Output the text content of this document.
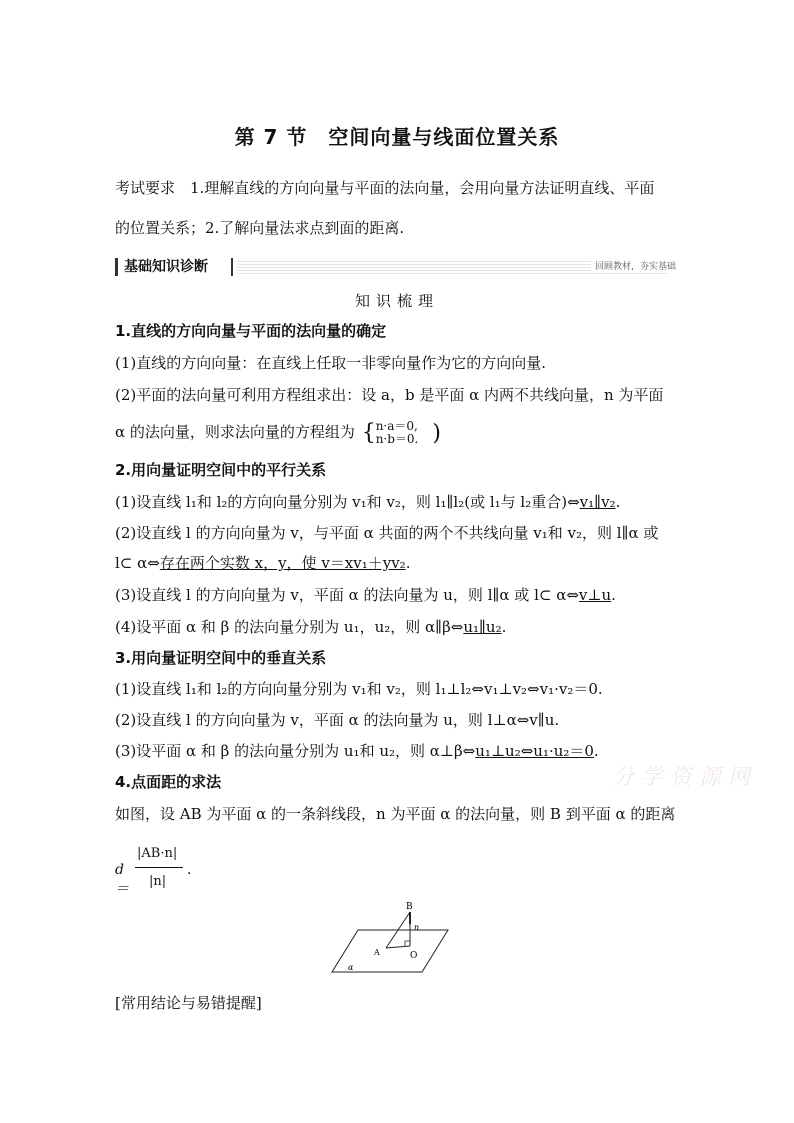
第 7 节　空间向量与线面位置关系
考试要求　1.理解直线的方向向量与平面的法向量，会用向量方法证明直线、平面
的位置关系；2.了解向量法求点到面的距离.
基础知识诊断	回顾教材，夯实基础
知识梳理
1.直线的方向向量与平面的法向量的确定
(1)直线的方向向量：在直线上任取一非零向量作为它的方向向量.
(2)平面的法向量可利用方程组求出：设 a，b 是平面 α 内两不共线向量，n 为平面
α 的法向量，则求法向量的方程组为 { n·a＝0,
n·b＝0. )
2.用向量证明空间中的平行关系
(1)设直线 l₁和 l₂的方向向量分别为 v₁和 v₂，则 l₁∥l₂(或 l₁与 l₂重合)⇔v₁∥v₂.
(2)设直线 l 的方向向量为 v，与平面 α 共面的两个不共线向量 v₁和 v₂，则 l∥α 或
l⊂ α⇔存在两个实数 x，y，使 v＝xv₁＋yv₂.
(3)设直线 l 的方向向量为 v，平面 α 的法向量为 u，则 l∥α 或 l⊂ α⇔v⊥u.
(4)设平面 α 和 β 的法向量分别为 u₁，u₂，则 α∥β⇔u₁∥u₂.
3.用向量证明空间中的垂直关系
(1)设直线 l₁和 l₂的方向向量分别为 v₁和 v₂，则 l₁⊥l₂⇔v₁⊥v₂⇔v₁·v₂＝0.
(2)设直线 l 的方向向量为 v，平面 α 的法向量为 u，则 l⊥α⇔v∥u.
(3)设平面 α 和 β 的法向量分别为 u₁和 u₂，则 α⊥β⇔u₁⊥u₂⇔u₁·u₂＝0.
4.点面距的求法
如图，设 AB 为平面 α 的一条斜线段，n 为平面 α 的法向量，则 B 到平面 α 的距离
d＝
|AB·n|
|n|
.
B
n
A	O
α
分 学 资 源 网
[常用结论与易错提醒]
